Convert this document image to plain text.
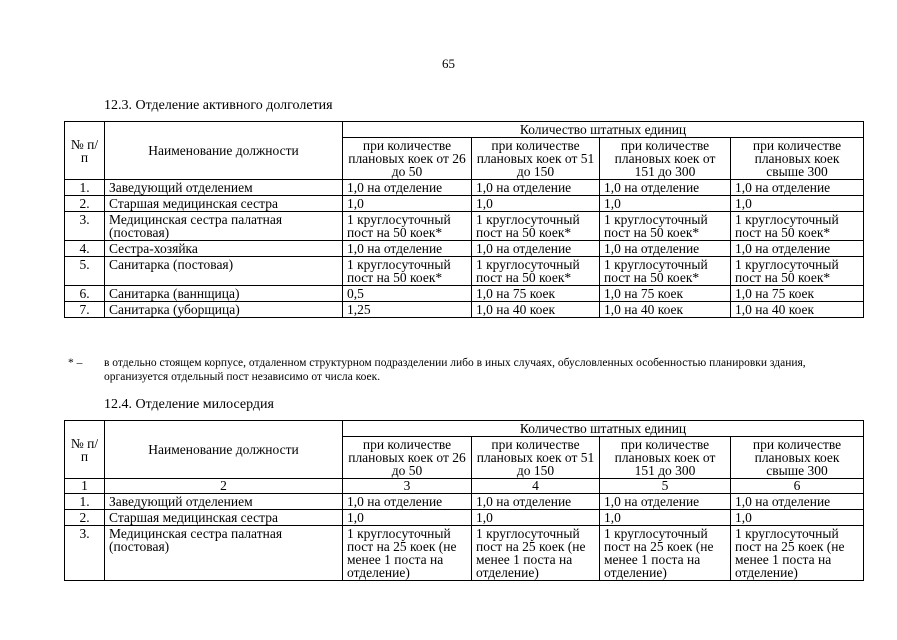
65
12.3. Отделение активного долголетия
№ п/п	Наименование должности	Количество штатных единиц			
		при количестве плановых коек от 26 до 50	при количестве плановых коек от 51 до 150	при количестве плановых коек от 151 до 300	при количестве плановых коек свыше 300
1.	Заведующий отделением	1,0 на отделение	1,0 на отделение	1,0 на отделение	1,0 на отделение
2.	Старшая медицинская сестра	1,0	1,0	1,0	1,0
3.	Медицинская сестра палатная (постовая)	1 круглосуточный пост на 50 коек*	1 круглосуточный пост на 50 коек*	1 круглосуточный пост на 50 коек*	1 круглосуточный пост на 50 коек*
4.	Сестра-хозяйка	1,0 на отделение	1,0 на отделение	1,0 на отделение	1,0 на отделение
5.	Санитарка (постовая)	1 круглосуточный пост на 50 коек*	1 круглосуточный пост на 50 коек*	1 круглосуточный пост на 50 коек*	1 круглосуточный пост на 50 коек*
6.	Санитарка (ваннщица)	0,5	1,0 на 75 коек	1,0 на 75 коек	1,0 на 75 коек
7.	Санитарка (уборщица)	1,25	1,0 на 40 коек	1,0 на 40 коек	1,0 на 40 коек
* – в отдельно стоящем корпусе, отдаленном структурном подразделении либо в иных случаях, обусловленных особенностью планировки здания, организуется отдельный пост независимо от числа коек.
12.4. Отделение милосердия
№ п/п	Наименование должности	Количество штатных единиц			
		при количестве плановых коек от 26 до 50	при количестве плановых коек от 51 до 150	при количестве плановых коек от 151 до 300	при количестве плановых коек свыше 300
1	2	3	4	5	6
1.	Заведующий отделением	1,0 на отделение	1,0 на отделение	1,0 на отделение	1,0 на отделение
2.	Старшая медицинская сестра	1,0	1,0	1,0	1,0
3.	Медицинская сестра палатная (постовая)	1 круглосуточный пост на 25 коек (не менее 1 поста на отделение)	1 круглосуточный пост на 25 коек (не менее 1 поста на отделение)	1 круглосуточный пост на 25 коек (не менее 1 поста на отделение)	1 круглосуточный пост на 25 коек (не менее 1 поста на отделение)
